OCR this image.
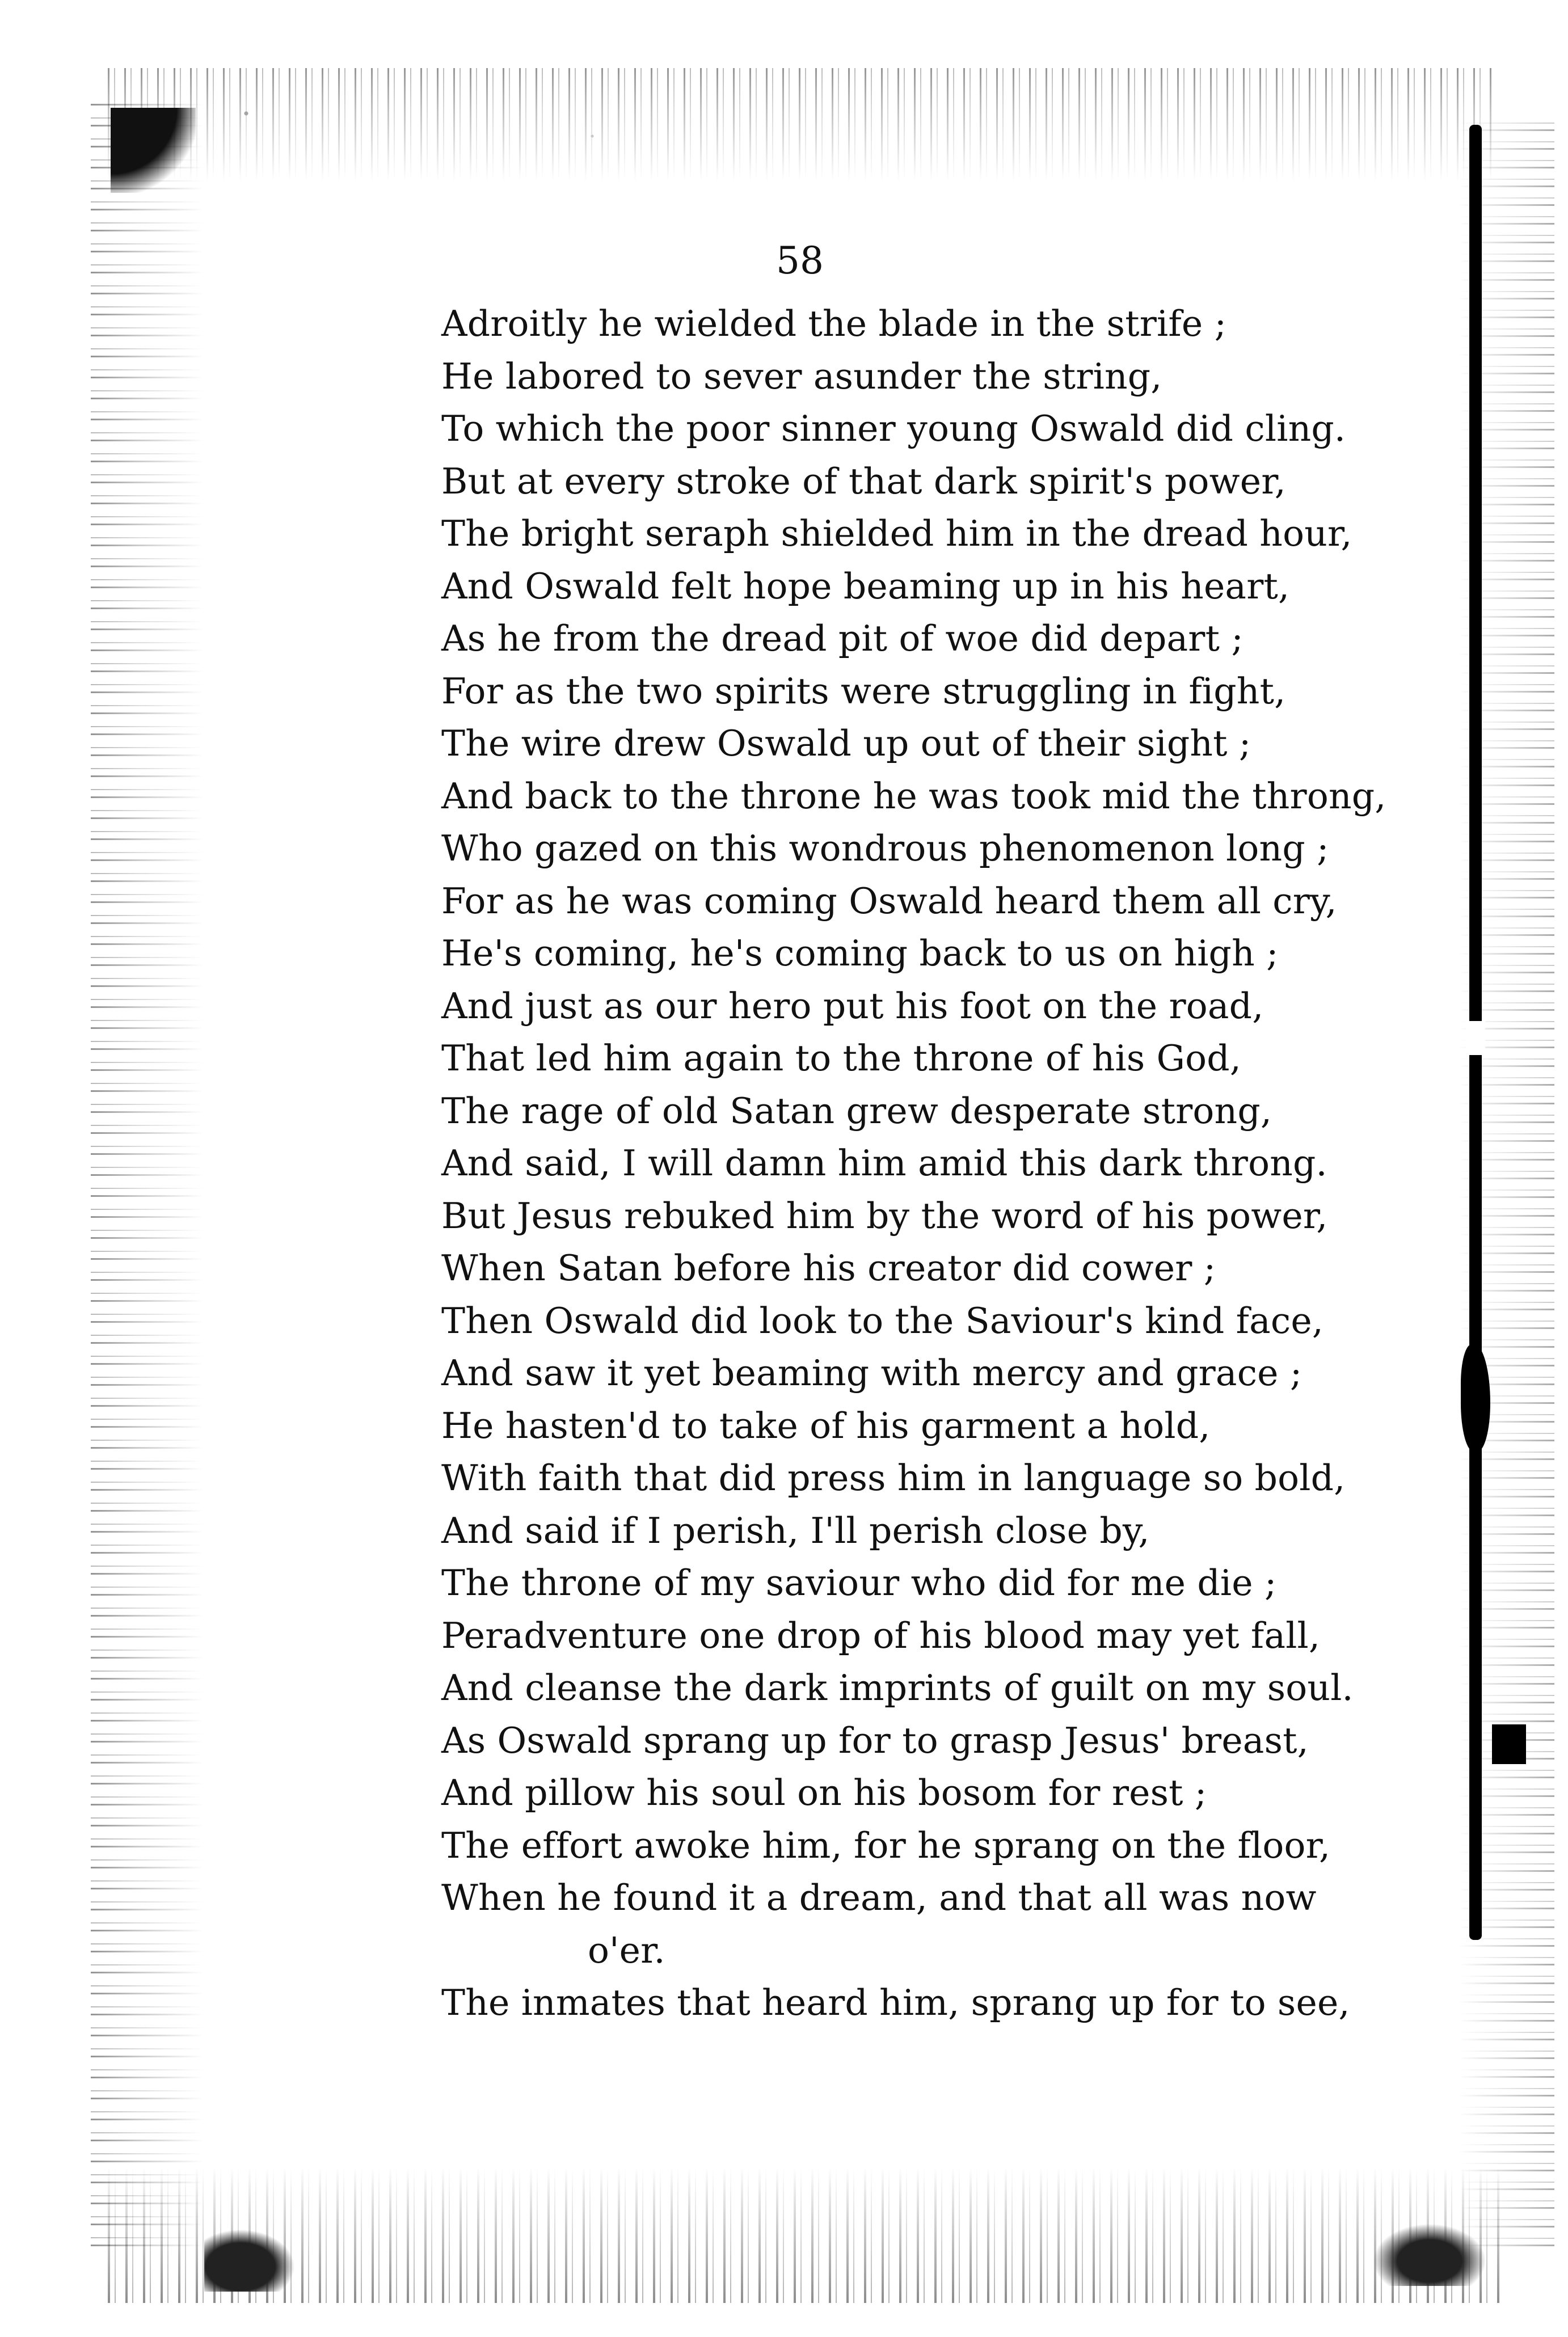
58
Adroitly he wielded the blade in the strife ;
He labored to sever asunder the string,
To which the poor sinner young Oswald did cling.
But at every stroke of that dark spirit's power,
The bright seraph shielded him in the dread hour,
And Oswald felt hope beaming up in his heart,
As he from the dread pit of woe did depart ;
For as the two spirits were struggling in fight,
The wire drew Oswald up out of their sight ;
And back to the throne he was took mid the throng,
Who gazed on this wondrous phenomenon long ;
For as he was coming Oswald heard them all cry,
He's coming, he's coming back to us on high ;
And just as our hero put his foot on the road,
That led him again to the throne of his God,
The rage of old Satan grew desperate strong,
And said, I will damn him amid this dark throng.
But Jesus rebuked him by the word of his power,
When Satan before his creator did cower ;
Then Oswald did look to the Saviour's kind face,
And saw it yet beaming with mercy and grace ;
He hasten'd to take of his garment a hold,
With faith that did press him in language so bold,
And said if I perish, I'll perish close by,
The throne of my saviour who did for me die ;
Peradventure one drop of his blood may yet fall,
And cleanse the dark imprints of guilt on my soul.
As Oswald sprang up for to grasp Jesus' breast,
And pillow his soul on his bosom for rest ;
The effort awoke him, for he sprang on the floor,
When he found it a dream, and that all was now
o'er.
The inmates that heard him, sprang up for to see,
